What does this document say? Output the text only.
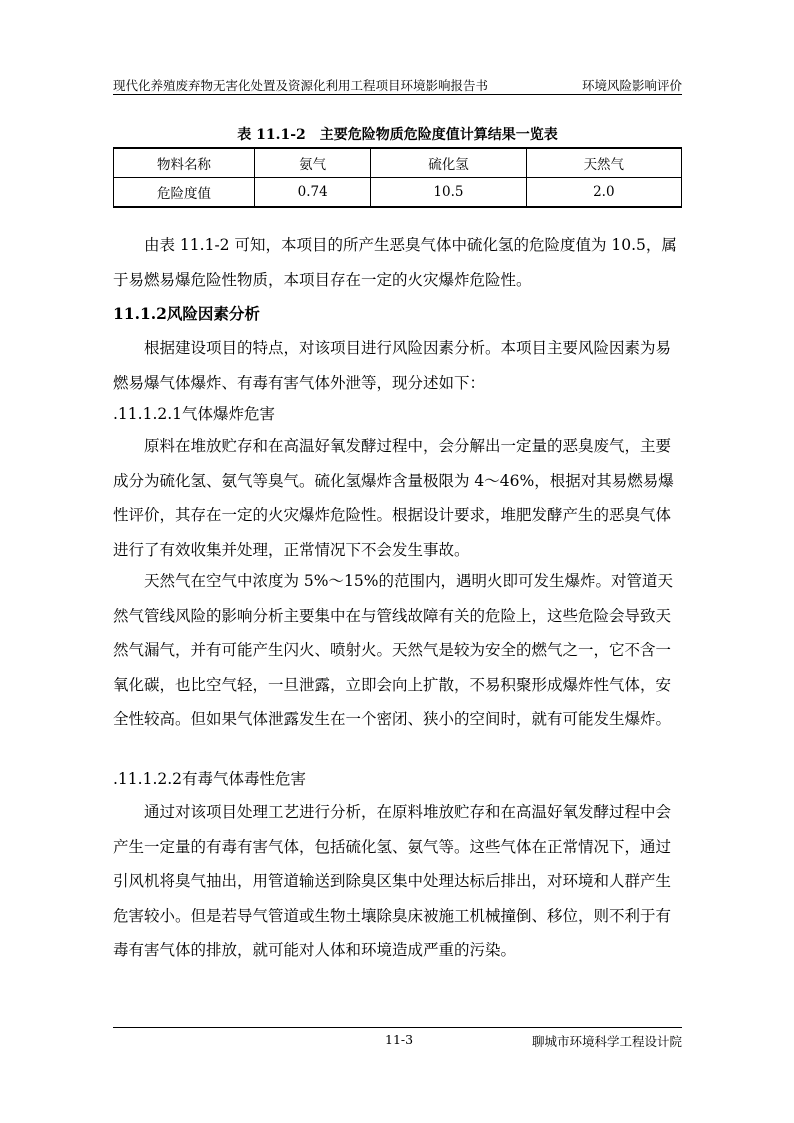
现代化养殖废弃物无害化处置及资源化利用工程项目环境影响报告书	环境风险影响评价
表 11.1-2　主要危险物质危险度值计算结果一览表
物料名称	氨气	硫化氢	天然气
危险度值	0.74	10.5	2.0

由表 11.1-2 可知，本项目的所产生恶臭气体中硫化氢的危险度值为 10.5，属于易燃易爆危险性物质，本项目存在一定的火灾爆炸危险性。

11.1.2风险因素分析

根据建设项目的特点，对该项目进行风险因素分析。本项目主要风险因素为易燃易爆气体爆炸、有毒有害气体外泄等，现分述如下：

.11.1.2.1气体爆炸危害

原料在堆放贮存和在高温好氧发酵过程中，会分解出一定量的恶臭废气，主要成分为硫化氢、氨气等臭气。硫化氢爆炸含量极限为 4～46%，根据对其易燃易爆性评价，其存在一定的火灾爆炸危险性。根据设计要求，堆肥发酵产生的恶臭气体进行了有效收集并处理，正常情况下不会发生事故。

天然气在空气中浓度为 5%～15%的范围内，遇明火即可发生爆炸。对管道天然气管线风险的影响分析主要集中在与管线故障有关的危险上，这些危险会导致天然气漏气，并有可能产生闪火、喷射火。天然气是较为安全的燃气之一，它不含一氧化碳，也比空气轻，一旦泄露，立即会向上扩散，不易积聚形成爆炸性气体，安全性较高。但如果气体泄露发生在一个密闭、狭小的空间时，就有可能发生爆炸。

.11.1.2.2有毒气体毒性危害

通过对该项目处理工艺进行分析，在原料堆放贮存和在高温好氧发酵过程中会产生一定量的有毒有害气体，包括硫化氢、氨气等。这些气体在正常情况下，通过引风机将臭气抽出，用管道输送到除臭区集中处理达标后排出，对环境和人群产生危害较小。但是若导气管道或生物土壤除臭床被施工机械撞倒、移位，则不利于有毒有害气体的排放，就可能对人体和环境造成严重的污染。

11-3	聊城市环境科学工程设计院
